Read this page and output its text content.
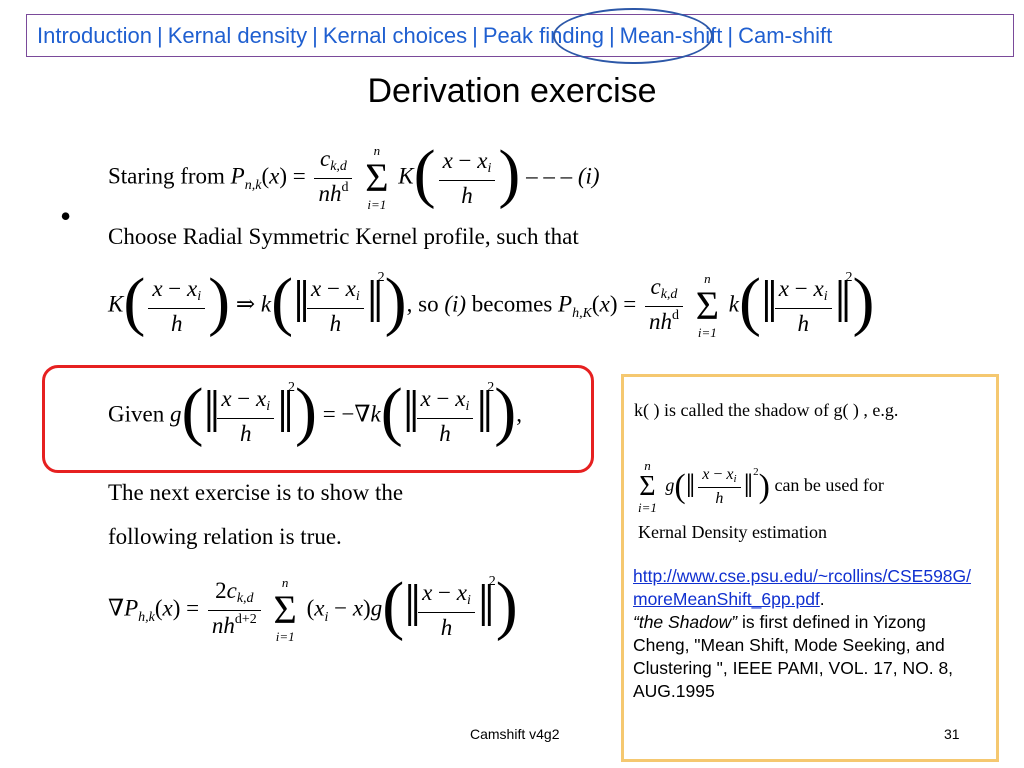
Introduction | Kernal density | Kernal choices | Peak finding | Mean-shift | Cam-shift
Derivation exercise
•
Staring from $P_{n,k}(x) = \frac{ck,d}{nh^d}$
	n
Σ
i=1
$K( \frac{x - xi}{h}$ ) – – – (i)
Choose Radial Symmetric Kernel profile, such that
$K( \frac{x - xi}{h}$ ) ⇒ k(‖ $\frac{x - xi}{h}$ ‖$^2$), so (i) becomes $P_{h,K}(x) = \frac{ck,d}{nh^d}$
	n
Σ
i=1
k(‖ $\frac{x - xi}{h}$ ‖$^2$)
Given g(‖ $\frac{x - xi}{h}$ ‖$^2$) = −∇k(‖ $\frac{x - xi}{h}$ ‖$^2$),
The next exercise is to show the
following relation is true.
$\nabla P_{h,k}(x) = \frac{2ck,d}{nh^{d+2}}$
	n
Σ
i=1
($x_i$ − x)g(‖ $\frac{x - xi}{h}$ ‖$^2$)
k( ) is called the shadow of g( ) , e.g.
n
Σ
i=1
g(‖ $\frac{x - xi}{h}$ ‖$^2$) can be used for
Kernal Density estimation
http://www.cse.psu.edu/~rcollins/CSE598G/moreMeanShift_6pp.pdf.
“the Shadow” is first defined in Yizong Cheng, "Mean Shift, Mode Seeking, and Clustering ", IEEE PAMI, VOL. 17, NO. 8, AUG.1995
Camshift v4g2	31
